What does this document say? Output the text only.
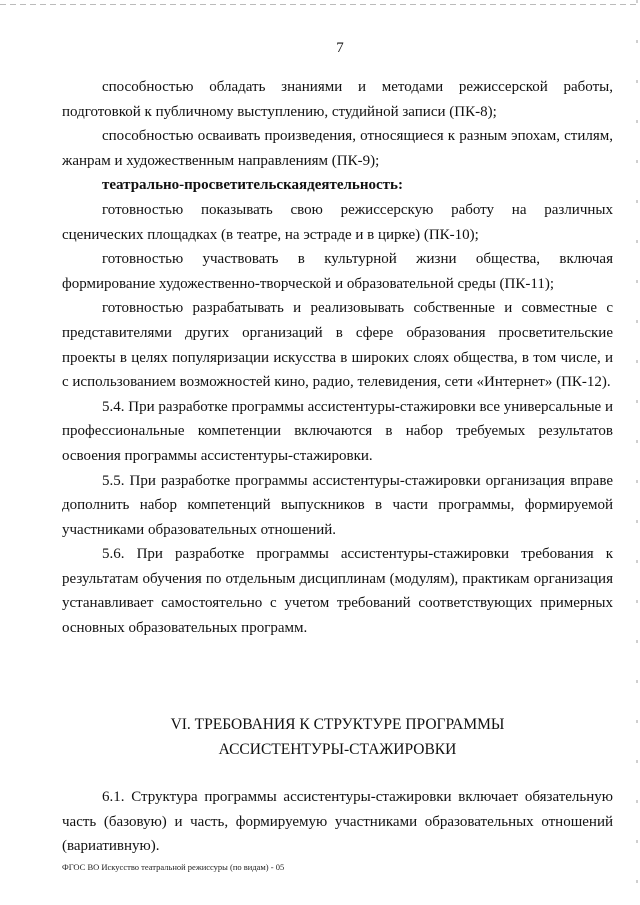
7

способностью обладать знаниями и методами режиссерской работы, подготовкой к публичному выступлению, студийной записи (ПК-8);

способностью осваивать произведения, относящиеся к разным эпохам, стилям, жанрам и художественным направлениям (ПК-9);

театрально-просветительскаядеятельность:

готовностью показывать свою режиссерскую работу на различных сценических площадках (в театре, на эстраде и в цирке) (ПК-10);

готовностью участвовать в культурной жизни общества, включая формирование художественно-творческой и образовательной среды (ПК-11);

готовностью разрабатывать и реализовывать собственные и совместные с представителями других организаций в сфере образования просветительские проекты в целях популяризации искусства в широких слоях общества, в том числе, и с использованием возможностей кино, радио, телевидения, сети «Интернет» (ПК-12).

5.4. При разработке программы ассистентуры-стажировки все универсальные и профессиональные компетенции включаются в набор требуемых результатов освоения программы ассистентуры-стажировки.

5.5. При разработке программы ассистентуры-стажировки организация вправе дополнить набор компетенций выпускников в части программы, формируемой участниками образовательных отношений.

5.6. При разработке программы ассистентуры-стажировки требования к результатам обучения по отдельным дисциплинам (модулям), практикам организация устанавливает самостоятельно с учетом требований соответствующих примерных основных образовательных программ.

VI. ТРЕБОВАНИЯ К СТРУКТУРЕ ПРОГРАММЫ
АССИСТЕНТУРЫ-СТАЖИРОВКИ

6.1. Структура программы ассистентуры-стажировки включает обязательную часть (базовую) и часть, формируемую участниками образовательных отношений (вариативную).

ФГОС ВО Искусство театральной режиссуры (по видам) - 05
